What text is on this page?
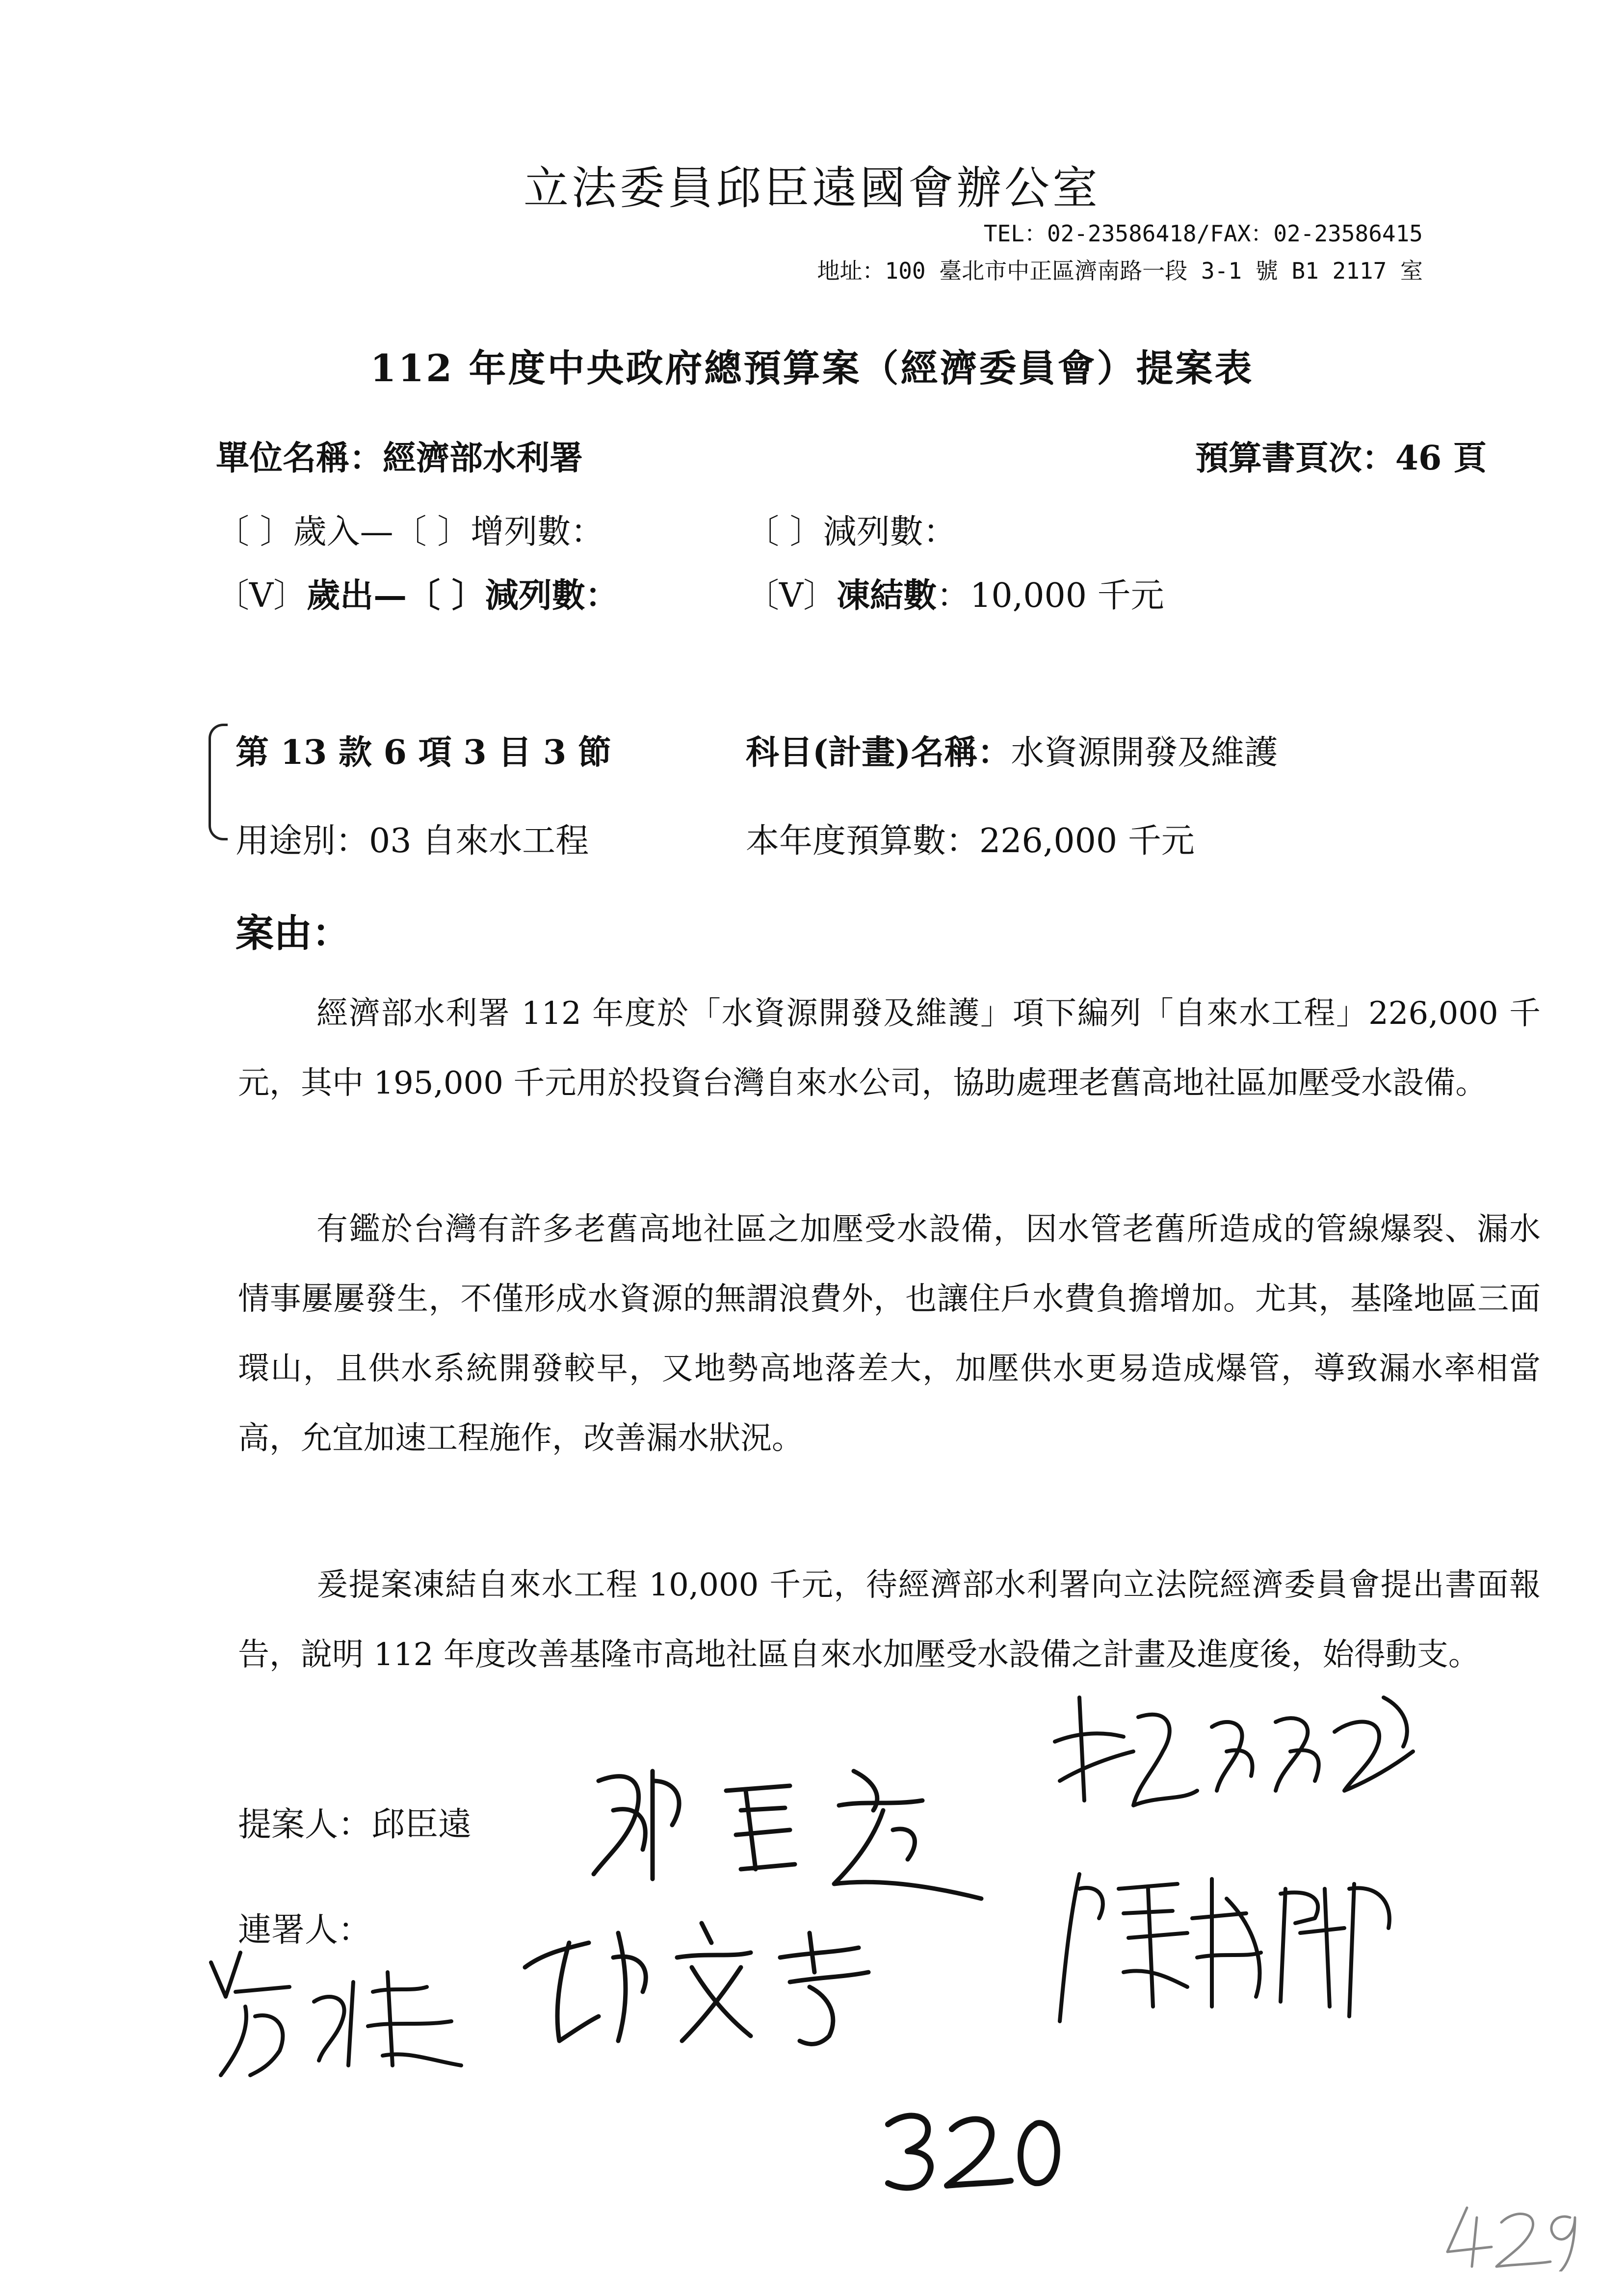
立法委員邱臣遠國會辦公室
TEL：02-23586418/FAX：02-23586415
地址：100 臺北市中正區濟南路一段 3-1 號 B1 2117 室
112 年度中央政府總預算案（經濟委員會）提案表
單位名稱：經濟部水利署	預算書頁次：46 頁
〔 〕歲入—〔 〕增列數：	〔 〕減列數：
〔V〕歲出—〔 〕減列數：	〔V〕凍結數：10,000 千元
第 13 款 6 項 3 目 3 節	科目(計畫)名稱：水資源開發及維護
用途別：03 自來水工程	本年度預算數：226,000 千元
案由：
經濟部水利署 112 年度於「水資源開發及維護」項下編列「自來水工程」226,000 千元，其中 195,000 千元用於投資台灣自來水公司，協助處理老舊高地社區加壓受水設備。
有鑑於台灣有許多老舊高地社區之加壓受水設備，因水管老舊所造成的管線爆裂、漏水情事屢屢發生，不僅形成水資源的無謂浪費外，也讓住戶水費負擔增加。尤其，基隆地區三面環山，且供水系統開發較早，又地勢高地落差大，加壓供水更易造成爆管，導致漏水率相當高，允宜加速工程施作，改善漏水狀況。
爰提案凍結自來水工程 10,000 千元，待經濟部水利署向立法院經濟委員會提出書面報告，說明 112 年度改善基隆市高地社區自來水加壓受水設備之計畫及進度後，始得動支。
提案人：邱臣遠
連署人：
